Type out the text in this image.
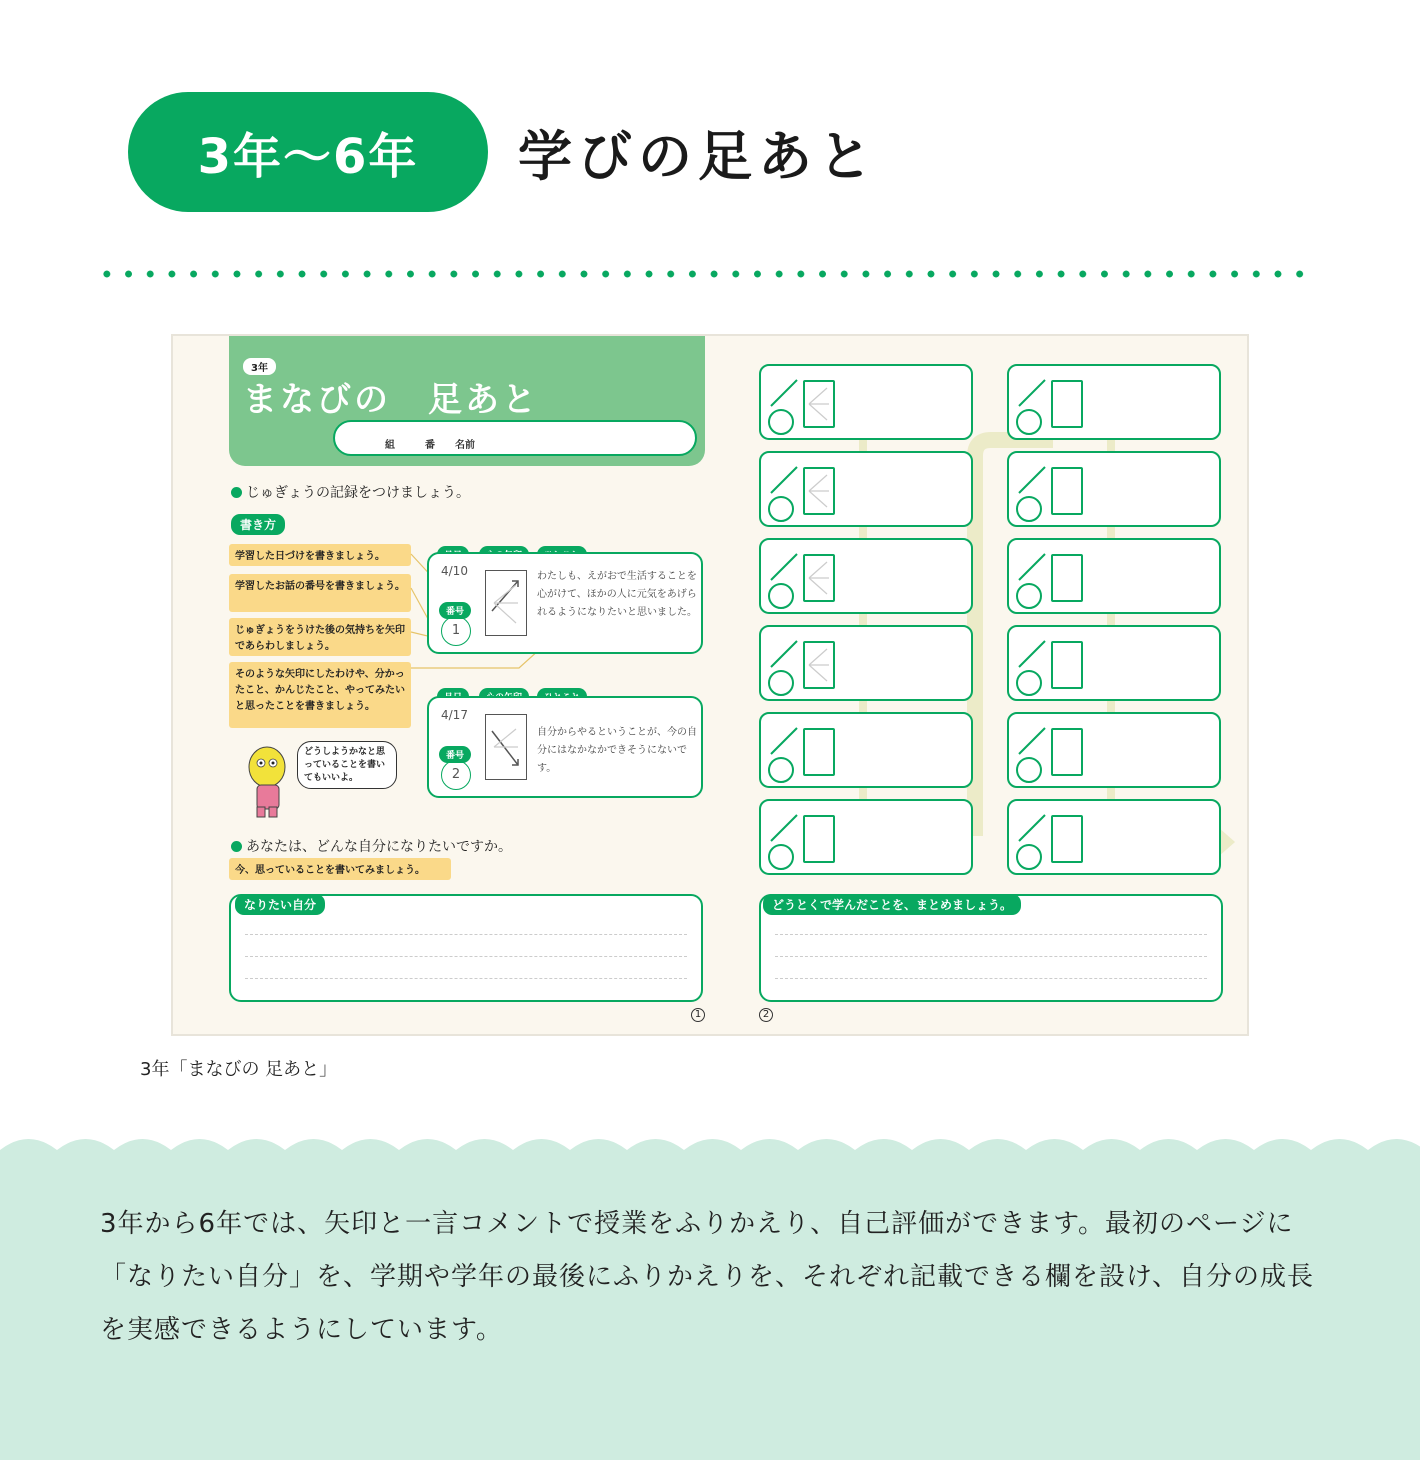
3年〜6年	学びの足あと
3年
まなびの　足あと
組　　　番　　名前
じゅぎょうの記録をつけましょう。
書き方
学習した日づけを書きましょう。
学習したお話の番号を書きましょう。
じゅぎょうをうけた後の気持ちを矢印であらわしましょう。
そのような矢印にしたわけや、分かったこと、かんじたこと、やってみたいと思ったことを書きましょう。
4/10
番号
1
わたしも、えがおで生活することを心がけて、ほかの人に元気をあげられるようになりたいと思いました。
4/17
番号
2
自分からやるということが、今の自分にはなかなかできそうにないです。
どうしようかなと思っていることを書いてもいいよ。
あなたは、どんな自分になりたいですか。
今、思っていることを書いてみましょう。
なりたい自分
1
どうとくで学んだことを、まとめましょう。
2
3年「まなびの 足あと」
3年から6年では、矢印と一言コメントで授業をふりかえり、自己評価ができます。最初のページに「なりたい自分」を、学期や学年の最後にふりかえりを、それぞれ記載できる欄を設け、自分の成長を実感できるようにしています。
